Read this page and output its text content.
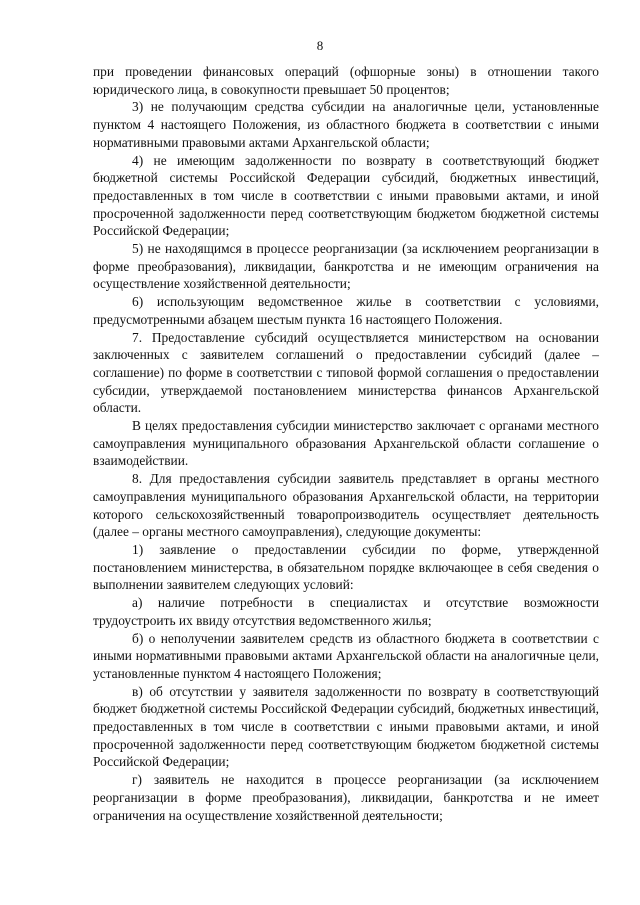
8

при проведении финансовых операций (офшорные зоны) в отношении такого юридического лица, в совокупности превышает 50 процентов;

3) не получающим средства субсидии на аналогичные цели, установленные пунктом 4 настоящего Положения, из областного бюджета в соответствии с иными нормативными правовыми актами Архангельской области;

4) не имеющим задолженности по возврату в соответствующий бюджет бюджетной системы Российской Федерации субсидий, бюджетных инвестиций, предоставленных в том числе в соответствии с иными правовыми актами, и иной просроченной задолженности перед соответствующим бюджетом бюджетной системы Российской Федерации;

5) не находящимся в процессе реорганизации (за исключением реорганизации в форме преобразования), ликвидации, банкротства и не имеющим ограничения на осуществление хозяйственной деятельности;

6) использующим ведомственное жилье в соответствии с условиями, предусмотренными абзацем шестым пункта 16 настоящего Положения.

7. Предоставление субсидий осуществляется министерством на основании заключенных с заявителем соглашений о предоставлении субсидий (далее – соглашение) по форме в соответствии с типовой формой соглашения о предоставлении субсидии, утверждаемой постановлением министерства финансов Архангельской области.

В целях предоставления субсидии министерство заключает с органами местного самоуправления муниципального образования Архангельской области соглашение о взаимодействии.

8. Для предоставления субсидии заявитель представляет в органы местного самоуправления муниципального образования Архангельской области, на территории которого сельскохозяйственный товаропроизводитель осуществляет деятельность (далее – органы местного самоуправления), следующие документы:

1) заявление о предоставлении субсидии по форме, утвержденной постановлением министерства, в обязательном порядке включающее в себя сведения о выполнении заявителем следующих условий:

а) наличие потребности в специалистах и отсутствие возможности трудоустроить их ввиду отсутствия ведомственного жилья;

б) о неполучении заявителем средств из областного бюджета в соответствии с иными нормативными правовыми актами Архангельской области на аналогичные цели, установленные пунктом 4 настоящего Положения;

в) об отсутствии у заявителя задолженности по возврату в соответствующий бюджет бюджетной системы Российской Федерации субсидий, бюджетных инвестиций, предоставленных в том числе в соответствии с иными правовыми актами, и иной просроченной задолженности перед соответствующим бюджетом бюджетной системы Российской Федерации;

г) заявитель не находится в процессе реорганизации (за исключением реорганизации в форме преобразования), ликвидации, банкротства и не имеет ограничения на осуществление хозяйственной деятельности;
